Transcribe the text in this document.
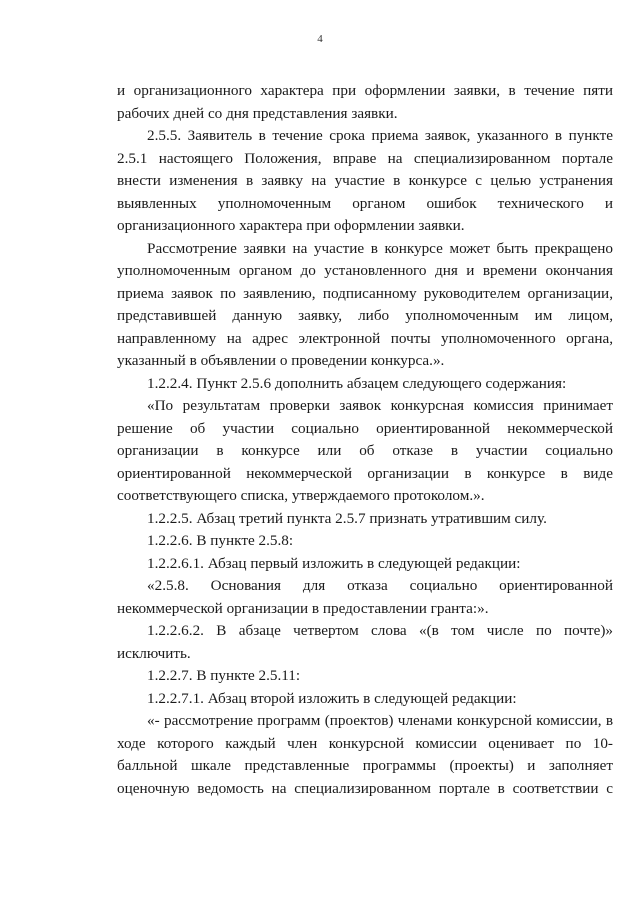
4
и организационного характера при оформлении заявки, в течение пяти
рабочих дней со дня представления заявки.
2.5.5. Заявитель в течение срока приема заявок, указанного в пункте
2.5.1 настоящего Положения, вправе на специализированном портале
внести изменения в заявку на участие в конкурсе с целью устранения
выявленных уполномоченным органом ошибок технического и
организационного характера при оформлении заявки.
Рассмотрение заявки на участие в конкурсе может быть прекращено
уполномоченным органом до установленного дня и времени окончания
приема заявок по заявлению, подписанному руководителем организации,
представившей данную заявку, либо уполномоченным им лицом,
направленному на адрес электронной почты уполномоченного органа,
указанный в объявлении о проведении конкурса.».
1.2.2.4. Пункт 2.5.6 дополнить абзацем следующего содержания:
«По результатам проверки заявок конкурсная комиссия принимает
решение об участии социально ориентированной некоммерческой
организации в конкурсе или об отказе в участии социально
ориентированной некоммерческой организации в конкурсе в виде
соответствующего списка, утверждаемого протоколом.».
1.2.2.5. Абзац третий пункта 2.5.7 признать утратившим силу.
1.2.2.6. В пункте 2.5.8:
1.2.2.6.1. Абзац первый изложить в следующей редакции:
«2.5.8. Основания для отказа социально ориентированной
некоммерческой организации в предоставлении гранта:».
1.2.2.6.2. В абзаце четвертом слова «(в том числе по почте)»
исключить.
1.2.2.7. В пункте 2.5.11:
1.2.2.7.1. Абзац второй изложить в следующей редакции:
«- рассмотрение программ (проектов) членами конкурсной комиссии, в
ходе которого каждый член конкурсной комиссии оценивает по 10-
балльной шкале представленные программы (проекты) и заполняет
оценочную ведомость на специализированном портале в соответствии с
